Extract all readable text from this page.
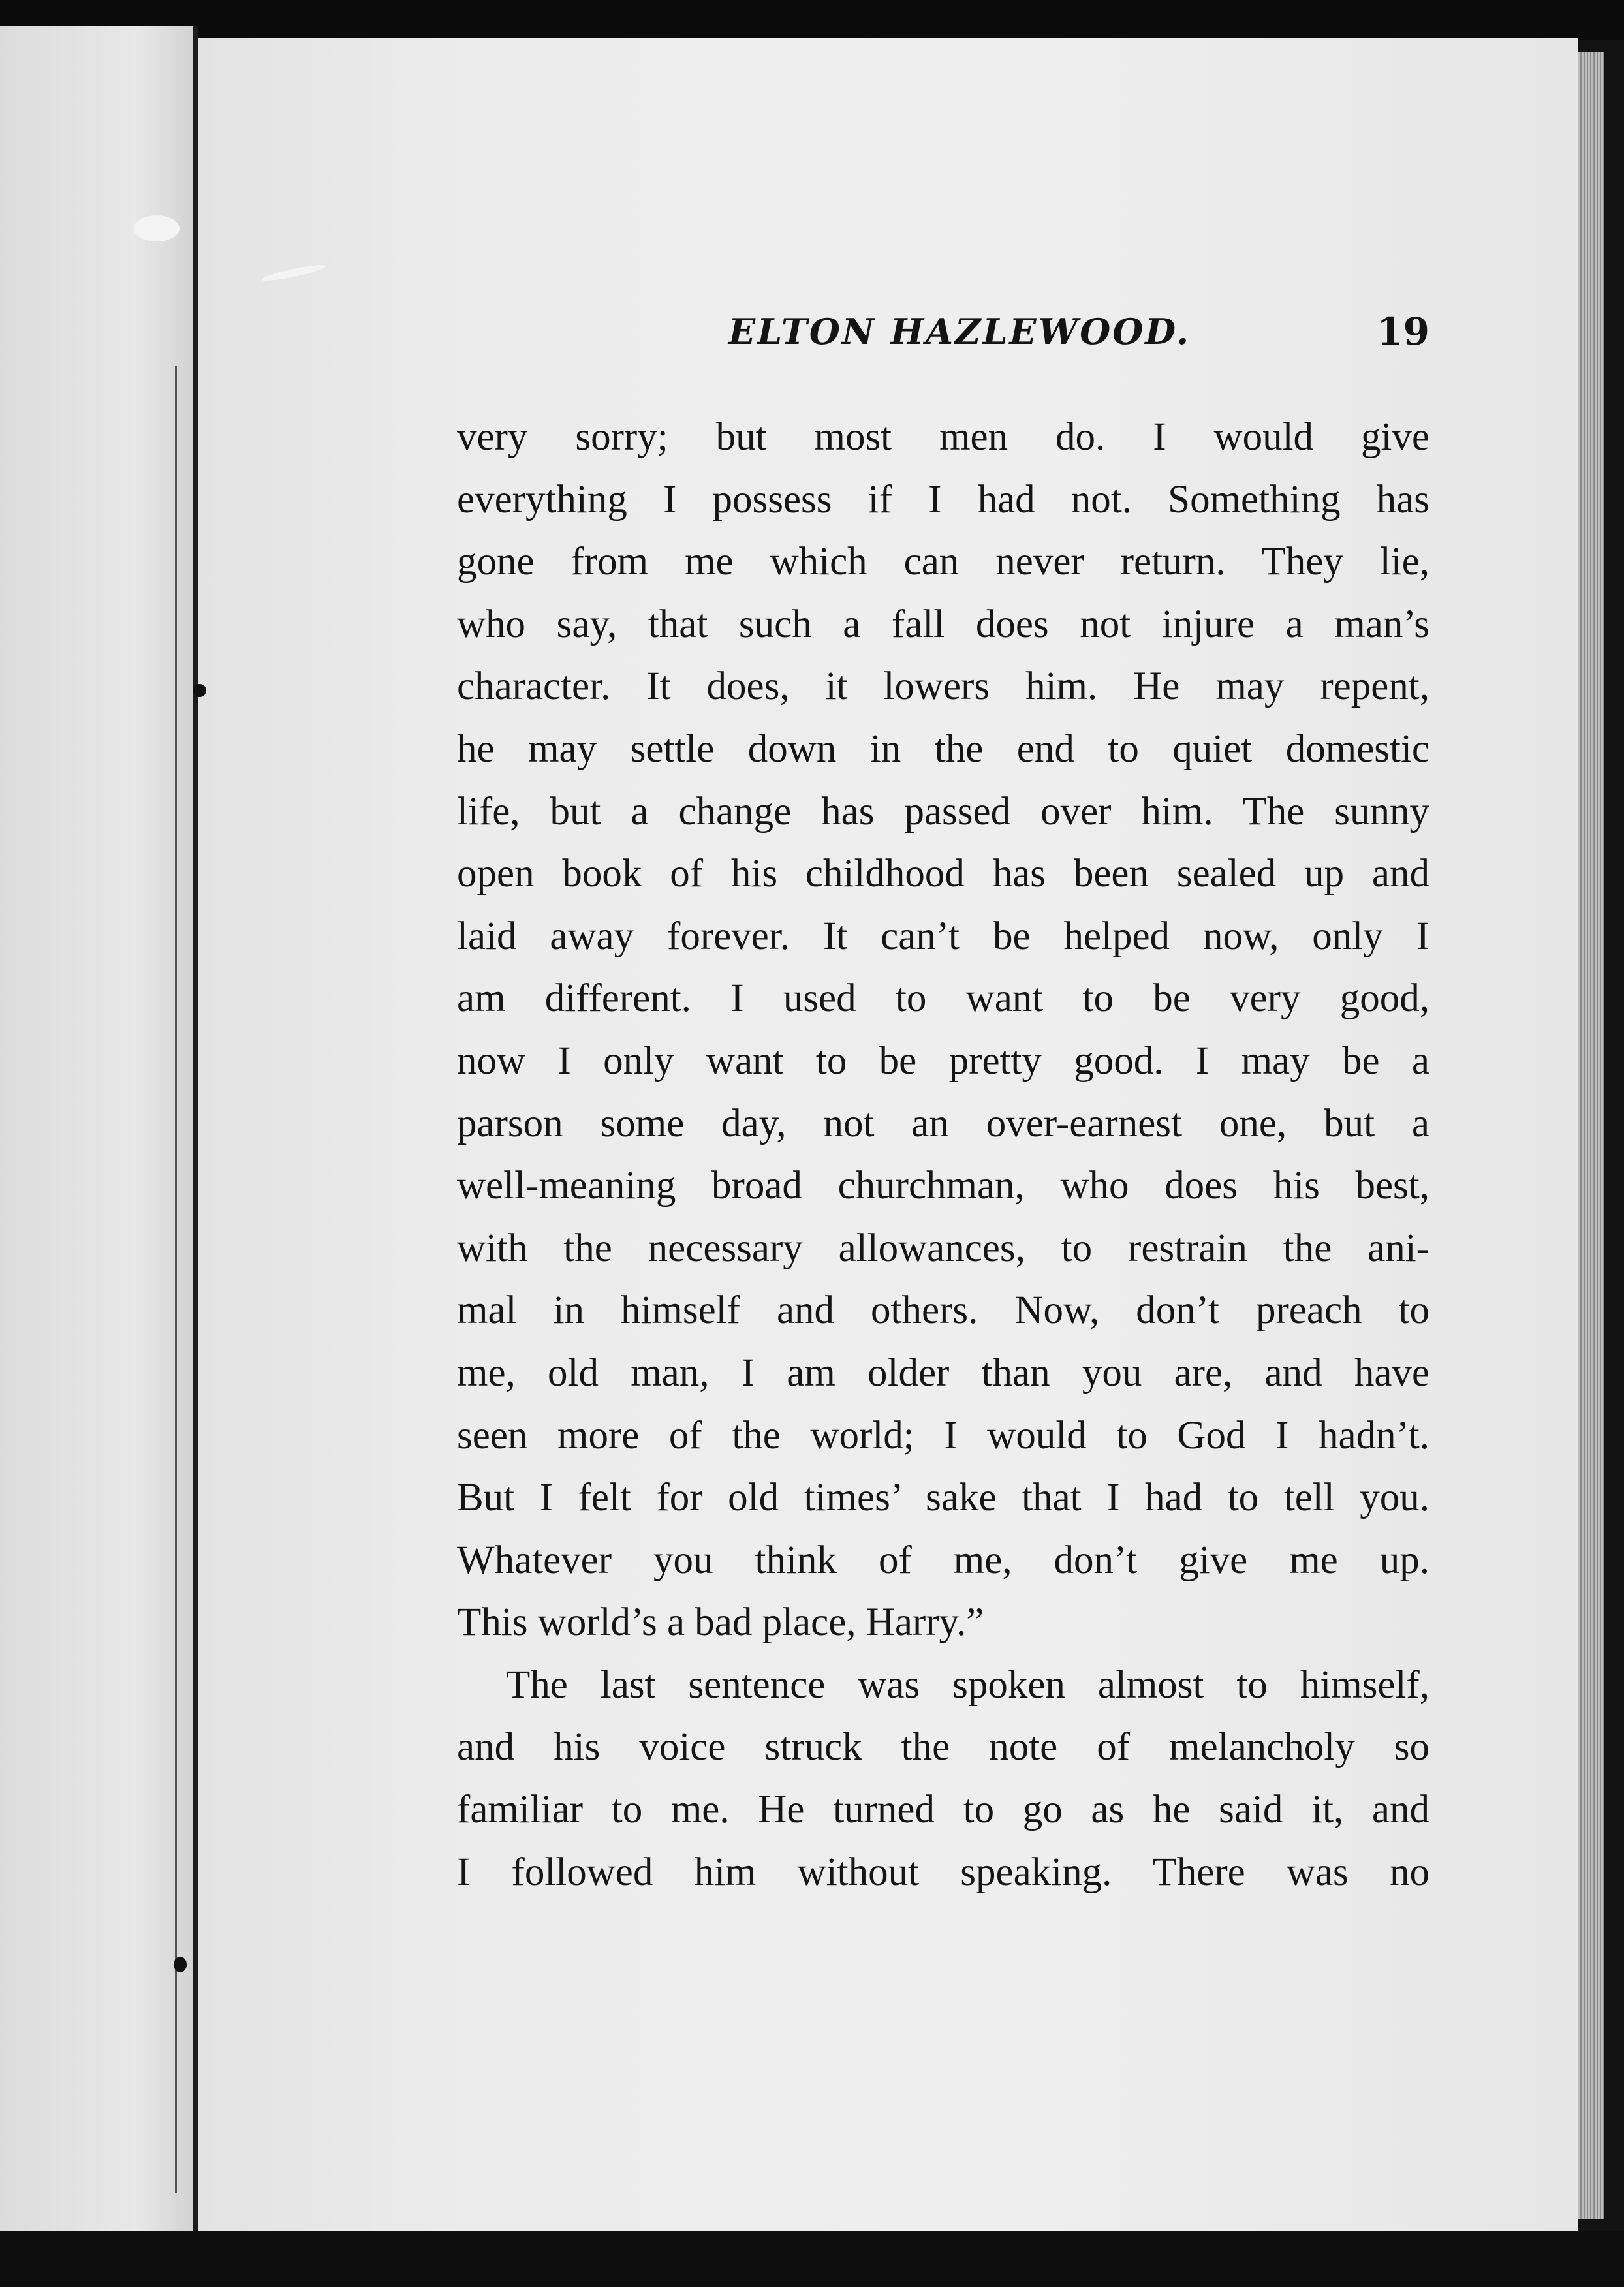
ELTON HAZLEWOOD.	19
very sorry; but most men do. I would give
everything I possess if I had not. Something has
gone from me which can never return. They lie,
who say, that such a fall does not injure a man’s
character. It does, it lowers him. He may repent,
he may settle down in the end to quiet domestic
life, but a change has passed over him. The sunny
open book of his childhood has been sealed up and
laid away forever. It can’t be helped now, only I
am different. I used to want to be very good,
now I only want to be pretty good. I may be a
parson some day, not an over-earnest one, but a
well-meaning broad churchman, who does his best,
with the necessary allowances, to restrain the ani-
mal in himself and others. Now, don’t preach to
me, old man, I am older than you are, and have
seen more of the world; I would to God I hadn’t.
But I felt for old times’ sake that I had to tell you.
Whatever you think of me, don’t give me up.
This world’s a bad place, Harry.”
The last sentence was spoken almost to himself,
and his voice struck the note of melancholy so
familiar to me. He turned to go as he said it, and
I followed him without speaking. There was no
